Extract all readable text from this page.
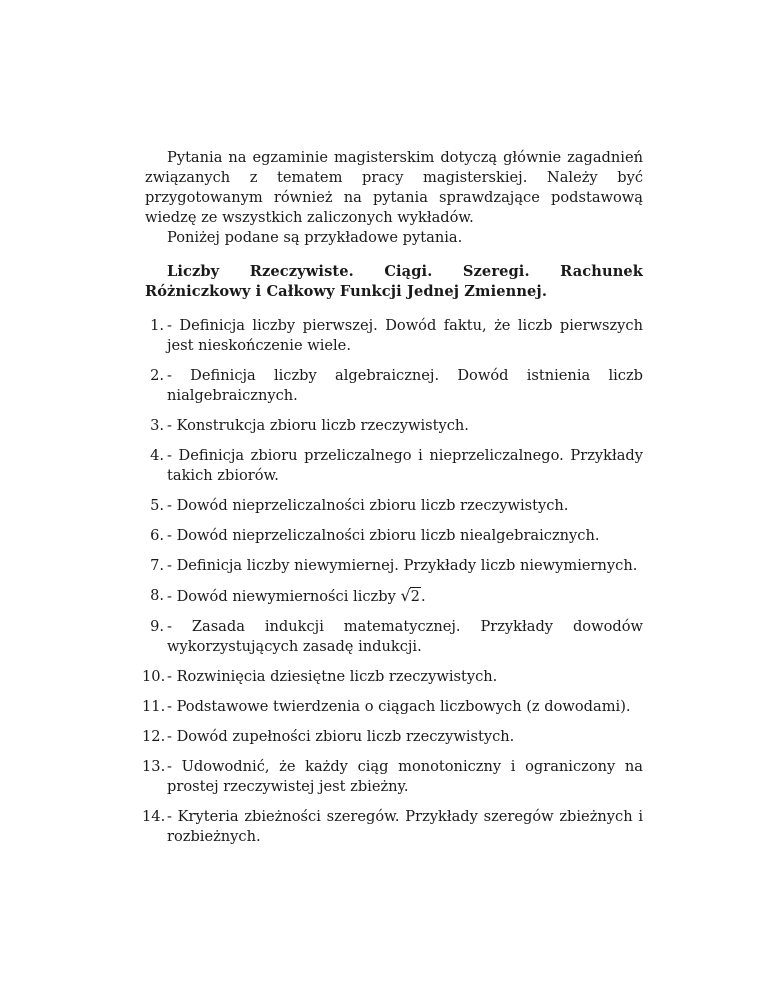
Pytania na egzaminie magisterskim dotyczą głównie zagadnień związanych z tematem pracy magisterskiej. Należy być przygotowanym również na pytania sprawdzające podstawową wiedzę ze wszystkich zaliczonych wykładów.

Poniżej podane są przykładowe pytania.

Liczby Rzeczywiste. Ciągi. Szeregi. Rachunek Różniczkowy i Całkowy Funkcji Jednej Zmiennej.

1. - Definicja liczby pierwszej. Dowód faktu, że liczb pierwszych jest nieskończenie wiele.
2. - Definicja liczby algebraicznej. Dowód istnienia liczb nialgebraicznych.
3. - Konstrukcja zbioru liczb rzeczywistych.
4. - Definicja zbioru przeliczalnego i nieprzeliczalnego. Przykłady takich zbiorów.
5. - Dowód nieprzeliczalności zbioru liczb rzeczywistych.
6. - Dowód nieprzeliczalności zbioru liczb niealgebraicznych.
7. - Definicja liczby niewymiernej. Przykłady liczb niewymiernych.
8. - Dowód niewymierności liczby √2.
9. - Zasada indukcji matematycznej. Przykłady dowodów wykorzystujących zasadę indukcji.
10. - Rozwinięcia dziesiętne liczb rzeczywistych.
11. - Podstawowe twierdzenia o ciągach liczbowych (z dowodami).
12. - Dowód zupełności zbioru liczb rzeczywistych.
13. - Udowodnić, że każdy ciąg monotoniczny i ograniczony na prostej rzeczywistej jest zbieżny.
14. - Kryteria zbieżności szeregów. Przykłady szeregów zbieżnych i rozbieżnych.
